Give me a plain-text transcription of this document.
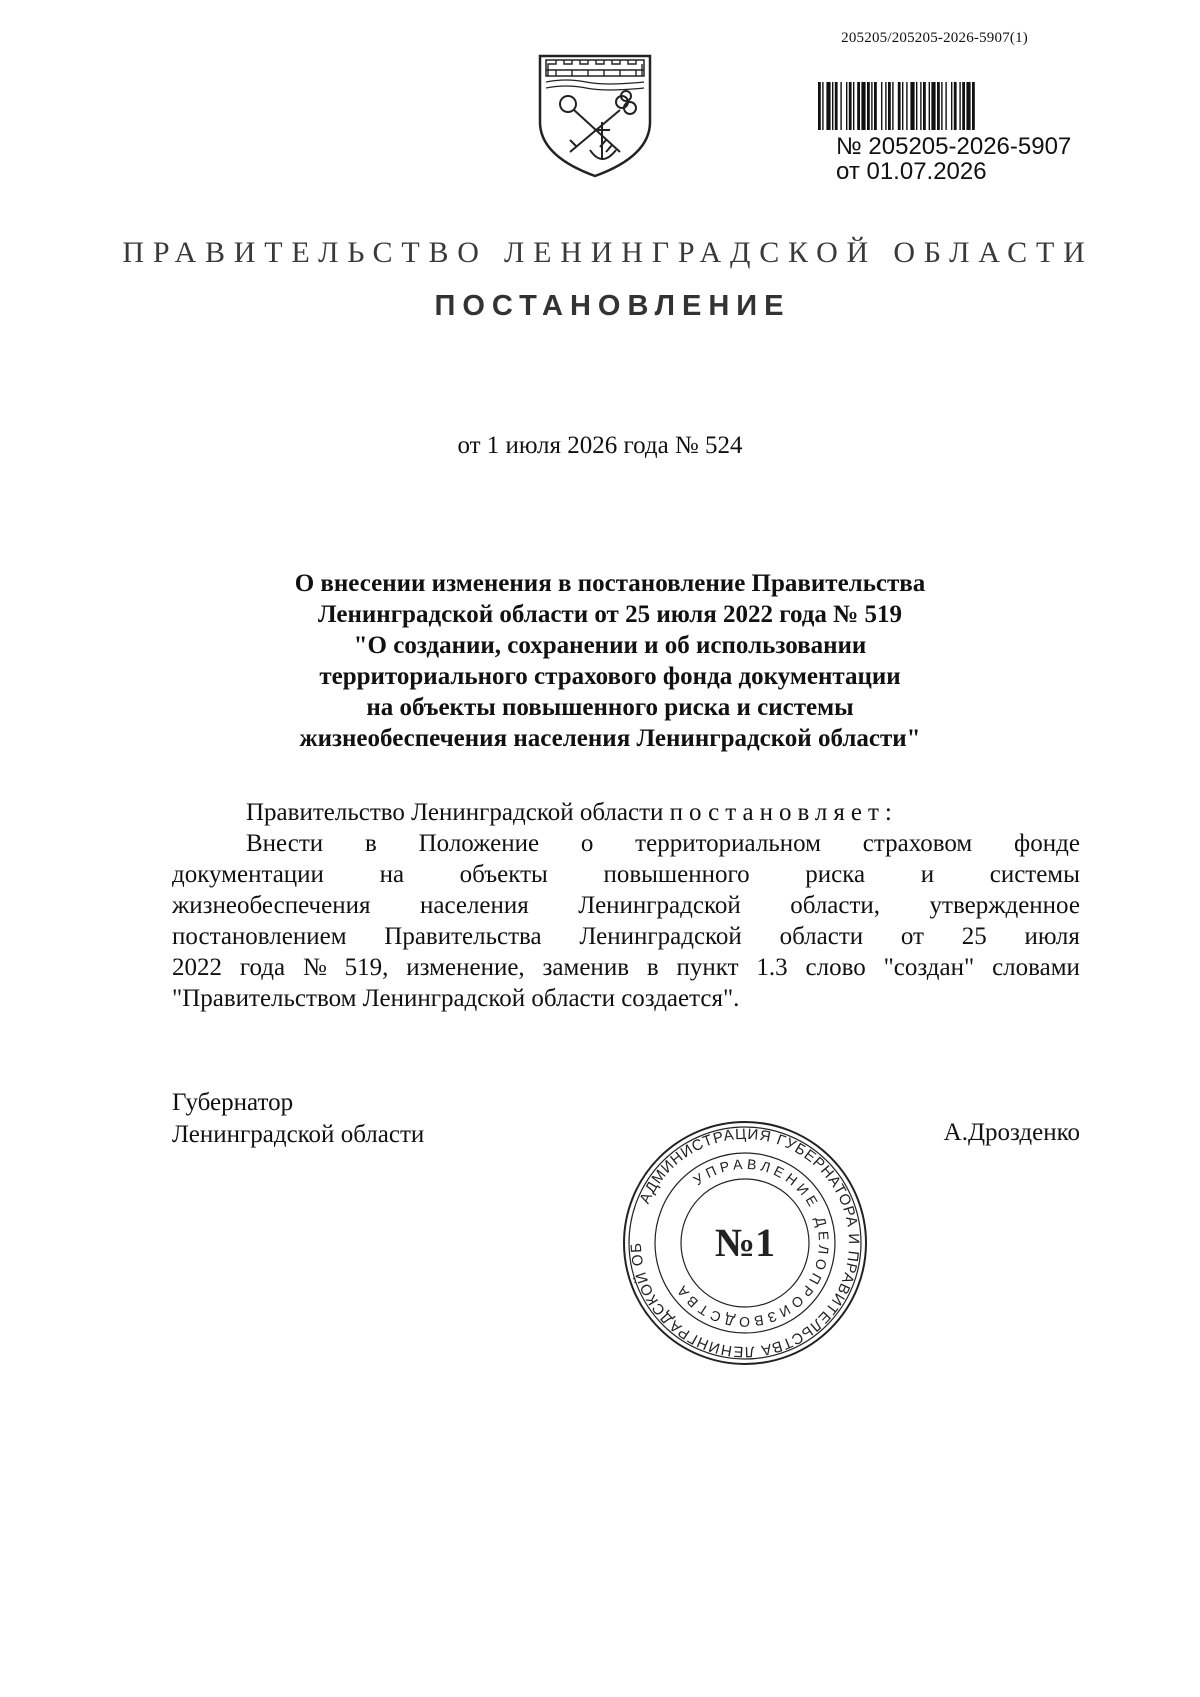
205205/205205-2026-5907(1)
№ 205205-2026-5907
от 01.07.2026
ПРАВИТЕЛЬСТВО ЛЕНИНГРАДСКОЙ ОБЛАСТИ
ПОСТАНОВЛЕНИЕ
от 1 июля 2026 года № 524
О внесении изменения в постановление Правительства
Ленинградской области от 25 июля 2022 года № 519
"О создании, сохранении и об использовании
территориального страхового фонда документации
на объекты повышенного риска и системы
жизнеобеспечения населения Ленинградской области"
Правительство Ленинградской области постановляет:
Внести в Положение о территориальном страховом фонде
документации на объекты повышенного риска и системы
жизнеобеспечения населения Ленинградской области, утвержденное
постановлением Правительства Ленинградской области от 25 июля
2022 года № 519, изменение, заменив в пункт 1.3 слово "создан" словами
"Правительством Ленинградской области создается".
Губернатор
Ленинградской области	А.Дрозденко
АДМИНИСТРАЦИЯ ГУБЕРНАТОРА И ПРАВИТЕЛЬСТВА ЛЕНИНГРАДСКОЙ ОБ
УПРАВЛЕНИЕ ДЕЛОПРОИЗВОДСТВА
№1
